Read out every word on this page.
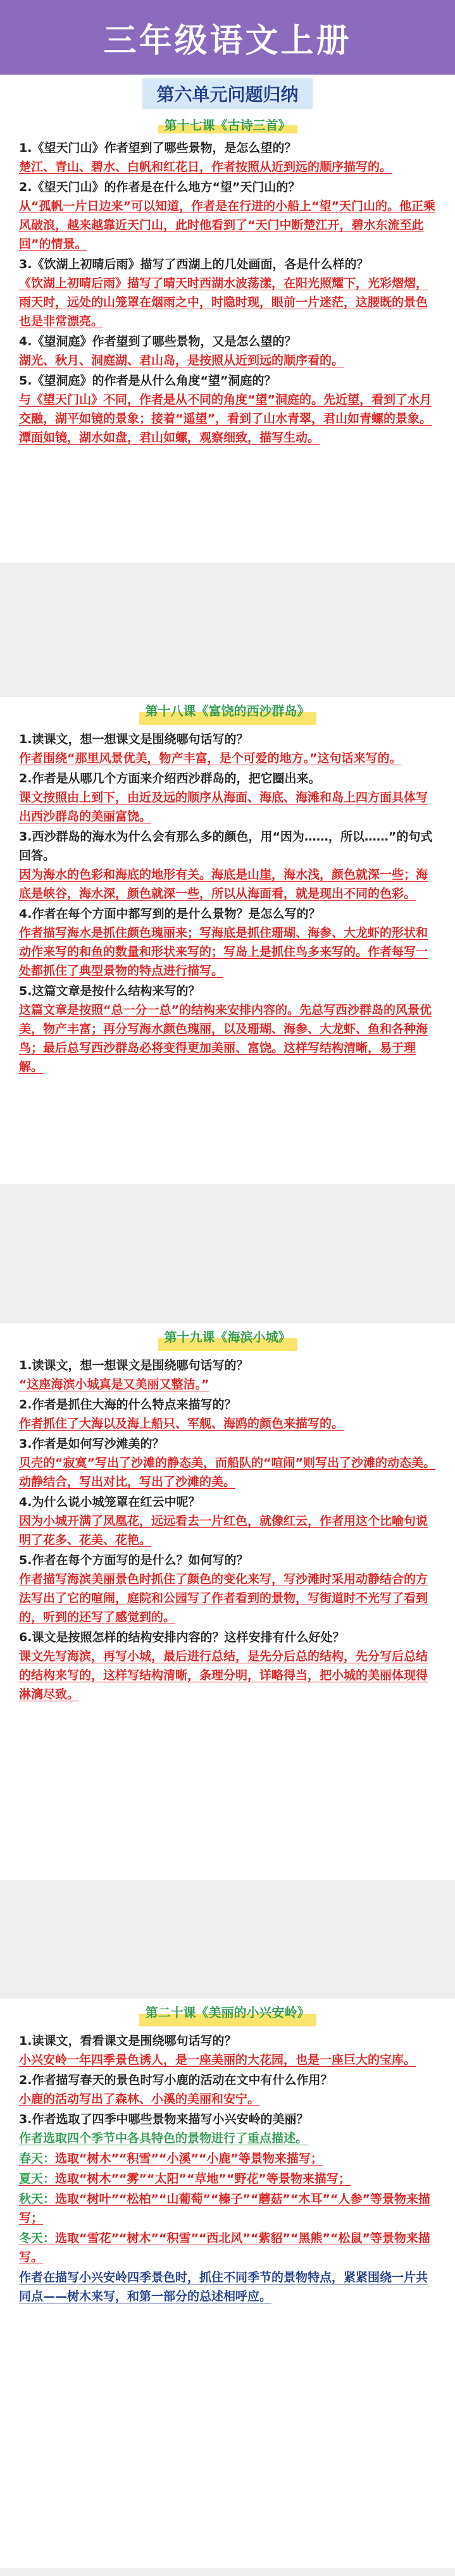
三年级语文上册
第六单元问题归纳
第十七课《古诗三首》

1.《望天门山》作者望到了哪些景物，是怎么望的？

楚江、青山、碧水、白帆和红花日，作者按照从近到远的顺序描写的。

2.《望天门山》的作者是在什么地方“望”天门山的？

从“孤帆一片日边来”可以知道，作者是在行进的小船上“望”天门山的。他正乘风破浪，越来越靠近天门山，此时他看到了“天门中断楚江开，碧水东流至此回”的情景。

3.《饮湖上初晴后雨》描写了西湖上的几处画面，各是什么样的？

《饮湖上初晴后雨》描写了晴天时西湖水波荡漾，在阳光照耀下，光彩熠熠，雨天时，远处的山笼罩在烟雨之中，时隐时现，眼前一片迷茫，这腰既的景色也是非常漂亮。

4.《望洞庭》作者望到了哪些景物，又是怎么望的？

湖光、秋月、洞庭湖、君山岛，是按照从近到远的顺序看的。

5.《望洞庭》的作者是从什么角度“望”洞庭的？

与《望天门山》不同，作者是从不同的角度“望”洞庭的。先近望，看到了水月交融，湖平如镜的景象；接着“遥望”，看到了山水青翠，君山如青螺的景象。潭面如镜，湖水如盘，君山如螺，观察细致，描写生动。

第十八课《富饶的西沙群岛》

1.读课文，想一想课文是围绕哪句话写的？

作者围绕“那里风景优美，物产丰富，是个可爱的地方。”这句话来写的。

2.作者是从哪几个方面来介绍西沙群岛的，把它圈出来。

课文按照由上到下，由近及远的顺序从海面、海底、海滩和岛上四方面具体写出西沙群岛的美丽富饶。

3.西沙群岛的海水为什么会有那么多的颜色，用“因为……，所以……”的句式回答。

因为海水的色彩和海底的地形有关。海底是山崖，海水浅，颜色就深一些；海底是峡谷，海水深，颜色就深一些，所以从海面看，就是现出不同的色彩。

4.作者在每个方面中都写到的是什么景物？是怎么写的？

作者描写海水是抓住颜色瑰丽来；写海底是抓住珊瑚、海参、大龙虾的形状和动作来写的和鱼的数量和形状来写的；写岛上是抓住鸟多来写的。作者每写一处都抓住了典型景物的特点进行描写。

5.这篇文章是按什么结构来写的？

这篇文章是按照“总一分一总”的结构来安排内容的。先总写西沙群岛的风景优美，物产丰富；再分写海水颜色瑰丽，以及珊瑚、海参、大龙虾、鱼和各种海鸟；最后总写西沙群岛必将变得更加美丽、富饶。这样写结构清晰，易于理解。

第十九课《海滨小城》

1.读课文，想一想课文是围绕哪句话写的？

“这座海滨小城真是又美丽又整洁。”

2.作者是抓住大海的什么特点来描写的？

作者抓住了大海以及海上船只、军舰、海鸥的颜色来描写的。

3.作者是如何写沙滩美的？

贝壳的“寂寞”写出了沙滩的静态美，而船队的“喧闹”则写出了沙滩的动态美。动静结合，写出对比，写出了沙滩的美。

4.为什么说小城笼罩在红云中呢？

因为小城开满了凤凰花，远远看去一片红色，就像红云，作者用这个比喻句说明了花多、花美、花艳。

5.作者在每个方面写的是什么？如何写的？

作者描写海滨美丽景色时抓住了颜色的变化来写，写沙滩时采用动静结合的方法写出了它的喧闹，庭院和公园写了作者看到的景物，写街道时不光写了看到的，听到的还写了感觉到的。

6.课文是按照怎样的结构安排内容的？这样安排有什么好处？

课文先写海滨，再写小城，最后进行总结，是先分后总的结构，先分写后总结的结构来写的，这样写结构清晰，条理分明，详略得当，把小城的美丽体现得淋漓尽致。

第二十课《美丽的小兴安岭》

1.读课文，看看课文是围绕哪句话写的？

小兴安岭一年四季景色诱人，是一座美丽的大花园，也是一座巨大的宝库。

2.作者描写春天的景色时写小鹿的活动在文中有什么作用？

小鹿的活动写出了森林、小溪的美丽和安宁。

3.作者选取了四季中哪些景物来描写小兴安岭的美丽？

作者选取四个季节中各具特色的景物进行了重点描述。

春天：选取“树木”“积雪”“小溪”“小鹿”等景物来描写；

夏天：选取“树木”“雾”“太阳”“草地”“野花”等景物来描写；

秋天：选取“树叶”“松柏”“山葡萄”“榛子”“蘑菇”“木耳”“人参”等景物来描写；

冬天：选取“雪花”“树木”“积雪”“西北风”“紫貂”“黑熊”“松鼠”等景物来描写。

作者在描写小兴安岭四季景色时，抓住不同季节的景物特点，紧紧围绕一片共同点——树木来写，和第一部分的总述相呼应。
